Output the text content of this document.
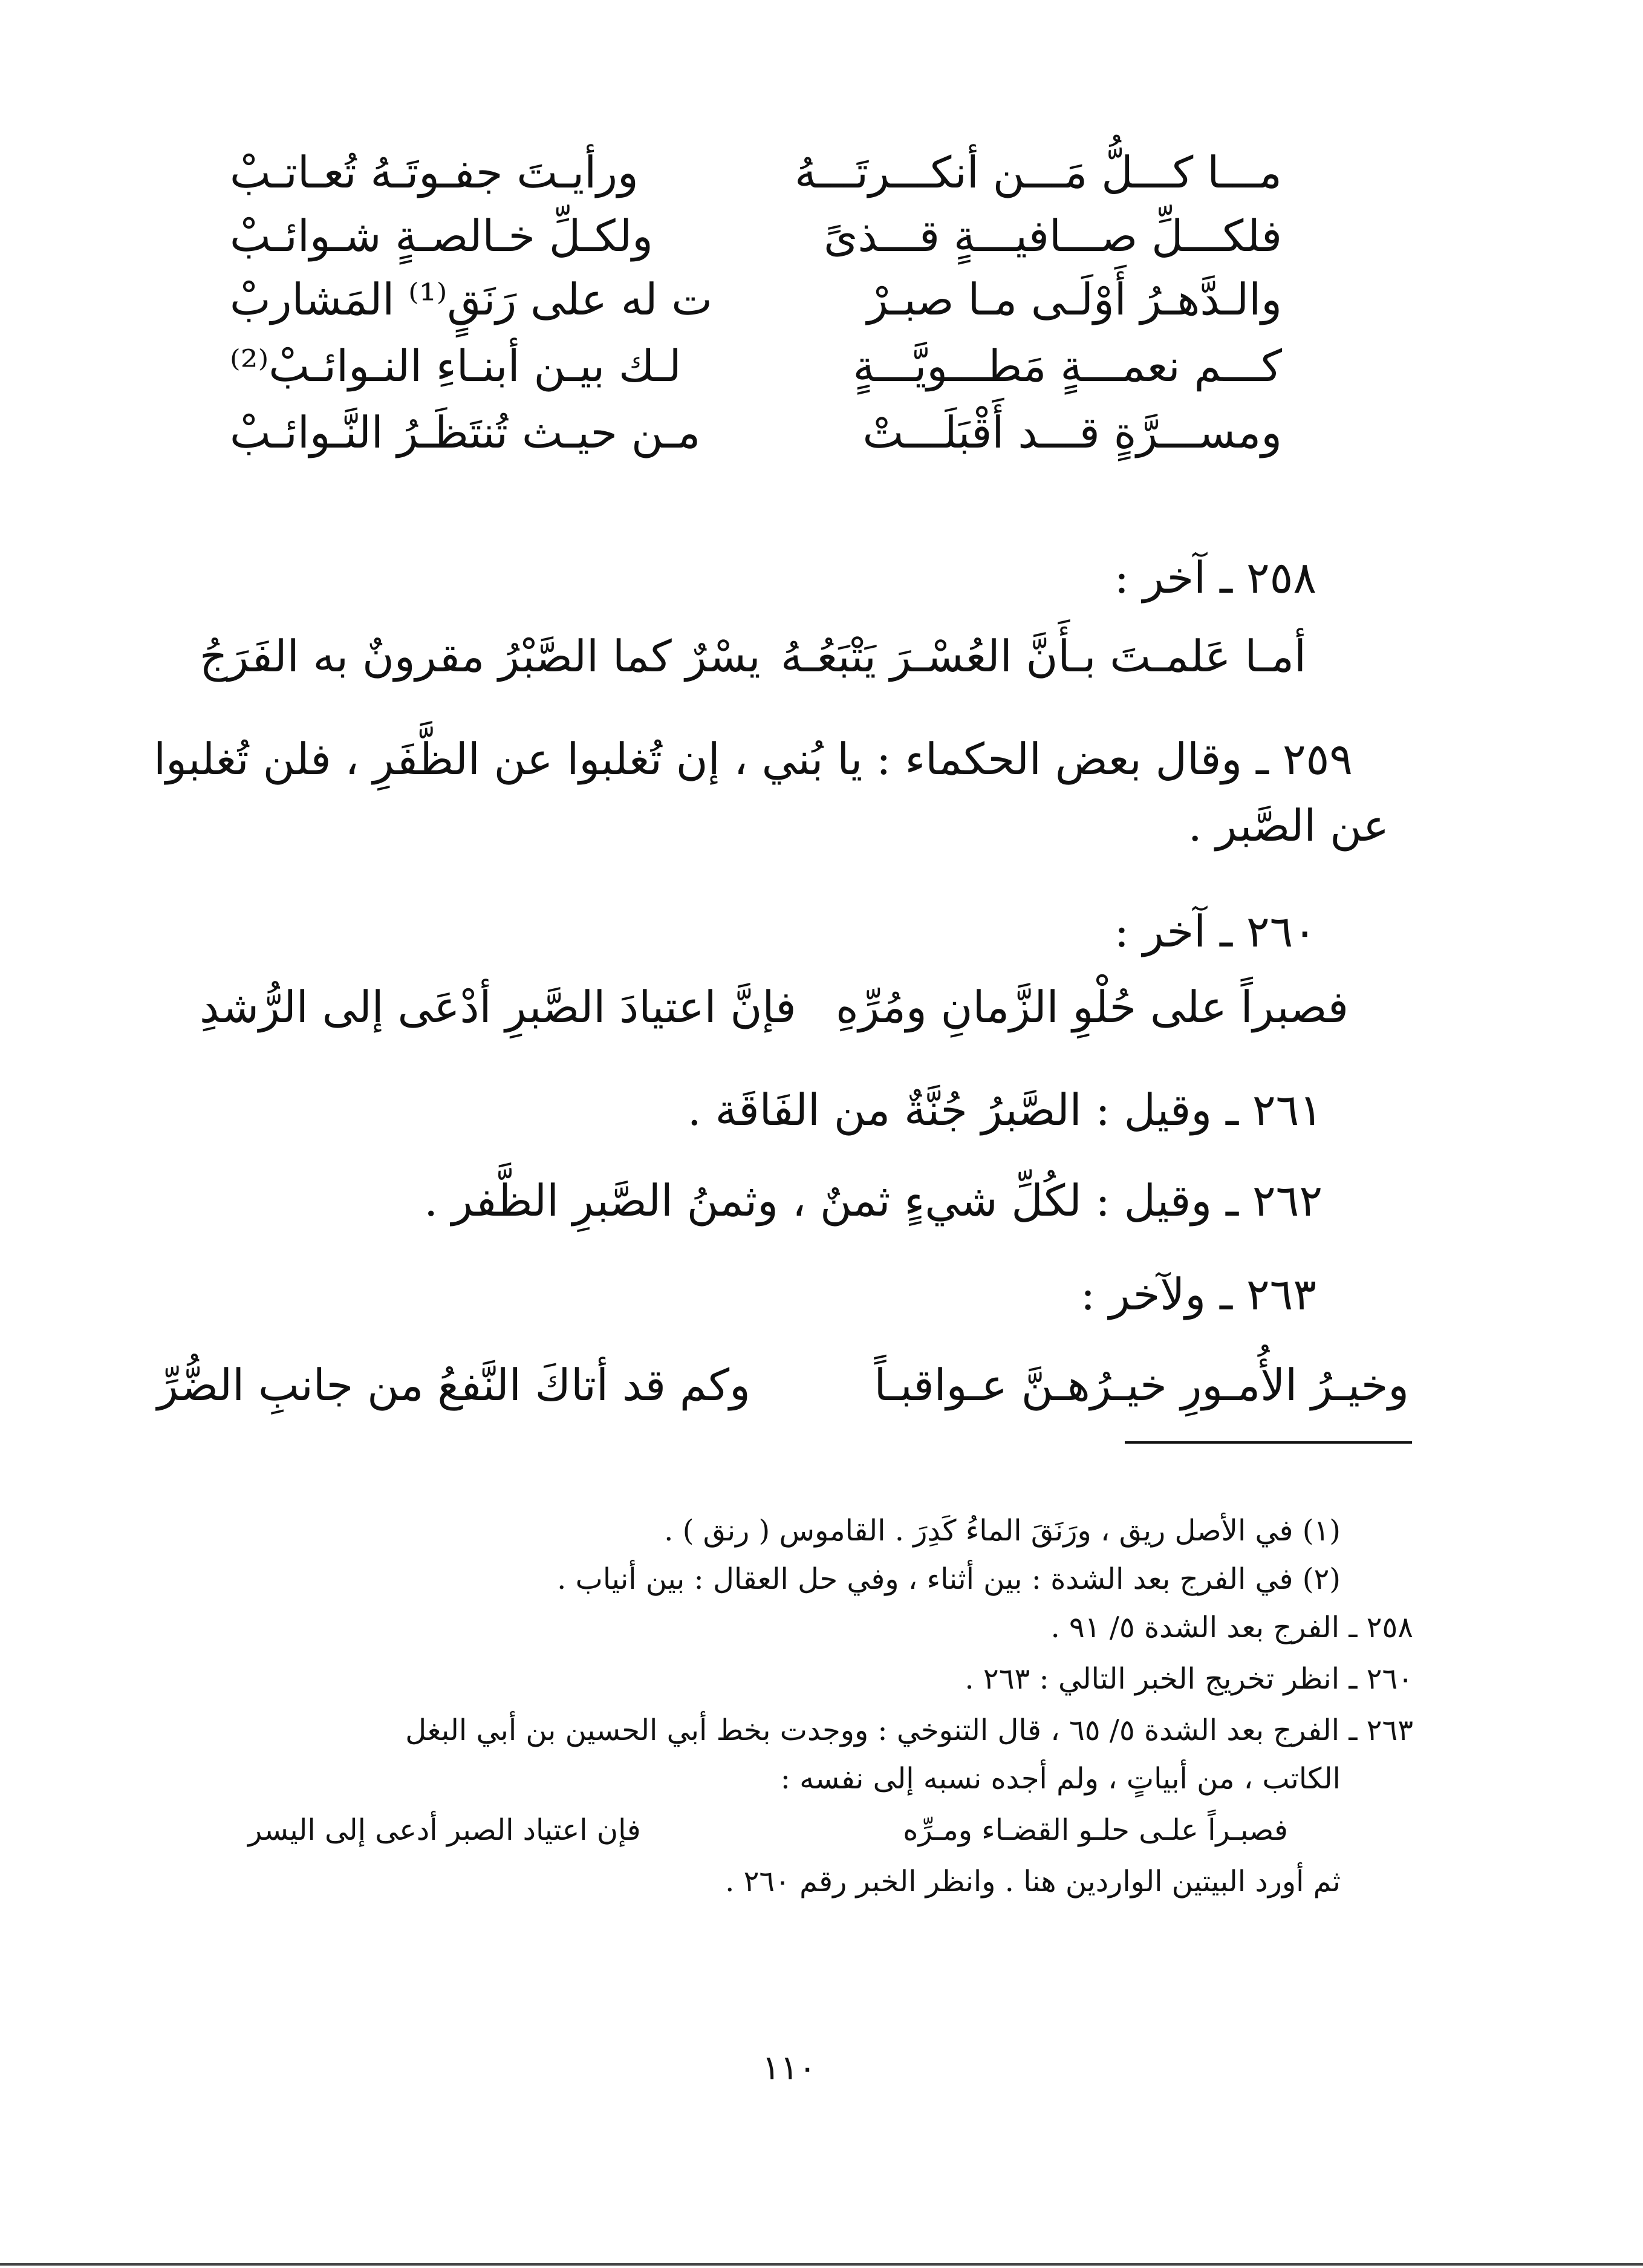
مـــا كـــلُّ مَـــن أنكـــرتَـــهُ
ورأيـتَ جفـوتَـهُ تُعـاتـبْ
فلكـــلِّ صـــافيـــةٍ قـــذىً
ولكـلِّ خـالصـةٍ شـوائـبْ
والـدَّهـرُ أَوْلَـى مـا صبـرْ
ت له على رَنَقٍ⁽¹⁾ المَشاربْ
كـــم نعمـــةٍ مَطـــويَّـــةٍ
لـك بيـن أبنـاءِ النـوائـبْ⁽²⁾
ومســـرَّةٍ قـــد أَقْبَلَـــتْ
مـن حيـث تُنتَظَـرُ النَّـوائـبْ
٢٥٨ ـ آخر :
أمـا عَلمـتَ بـأَنَّ العُسْـرَ يَتْبَعُـهُ
يسْرٌ كما الصَّبْرُ مقرونٌ به الفَرَجُ
٢٥٩ ـ وقال بعض الحكماء : يا بُني ، إن تُغلبوا عن الظَّفَرِ ، فلن تُغلبوا
عن الصَّبر .
٢٦٠ ـ آخر :
فصبراً على حُلْوِ الزَّمانِ ومُرِّهِ
فإنَّ اعتيادَ الصَّبرِ أدْعَى إلى الرُّشدِ
٢٦١ ـ وقيل : الصَّبرُ جُنَّةٌ من الفَاقَة .
٢٦٢ ـ وقيل : لكُلِّ شيءٍ ثمنٌ ، وثمنُ الصَّبرِ الظَّفر .
٢٦٣ ـ ولآخر :
وخيـرُ الأُمـورِ خيـرُهـنَّ عـواقبـاً
وكم قد أتاكَ النَّفعُ من جانبِ الضُّرِّ
(١) في الأصل ريق ، ورَنَقَ الماءُ كَدِرَ . القاموس ( رنق ) .
(٢) في الفرج بعد الشدة : بين أثناء ، وفي حل العقال : بين أنياب .
٢٥٨ ـ الفرج بعد الشدة ٥/ ٩١ .
٢٦٠ ـ انظر تخريج الخبر التالي : ٢٦٣ .
٢٦٣ ـ الفرج بعد الشدة ٥/ ٦٥ ، قال التنوخي : ووجدت بخط أبي الحسين بن أبي البغل
الكاتب ، من أبياتٍ ، ولم أجده نسبه إلى نفسه :
فصبـراً علـى حلـو القضـاء ومـرِّه
فإن اعتياد الصبر أدعى إلى اليسر
ثم أورد البيتين الواردين هنا . وانظر الخبر رقم ٢٦٠ .
١١٠
